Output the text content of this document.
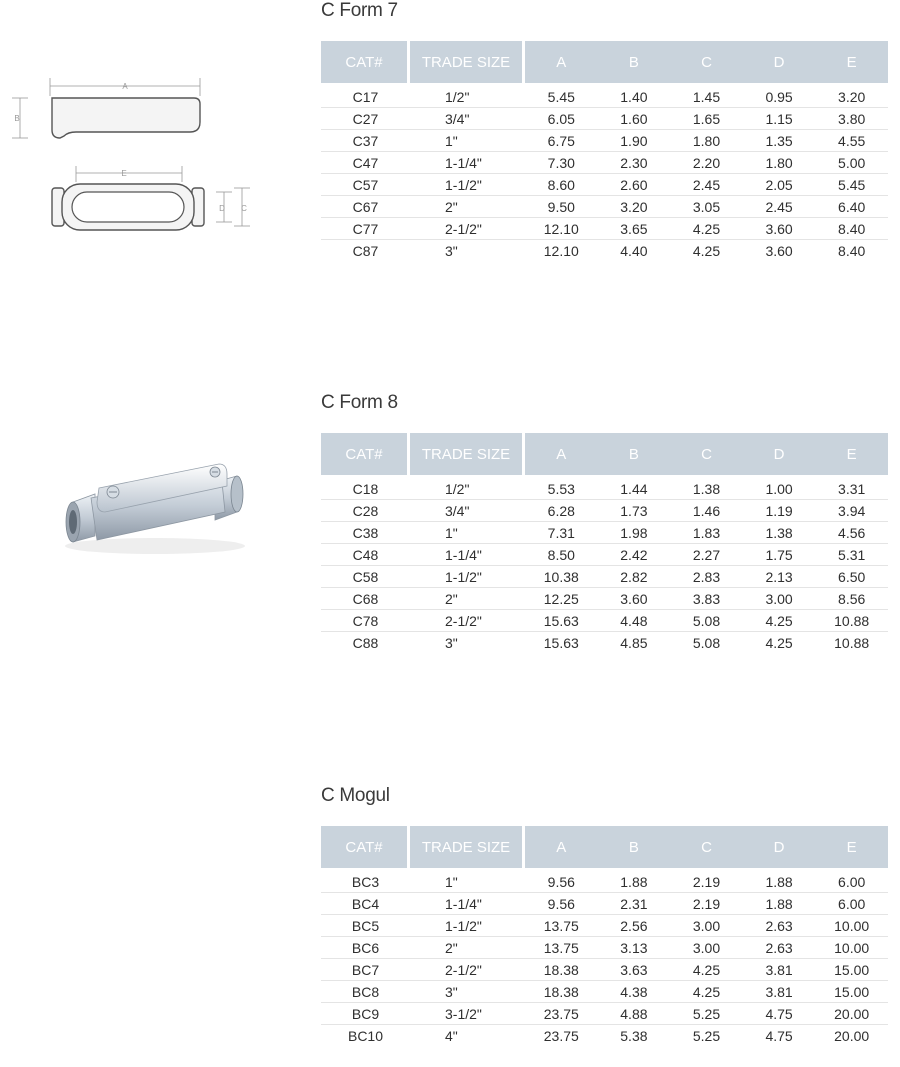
A
B
E
D C
C Form 7
CAT#	TRADE SIZE	A	B	C	D	E
C17	1/2"	5.45	1.40	1.45	0.95	3.20
C27	3/4"	6.05	1.60	1.65	1.15	3.80
C37	1"	6.75	1.90	1.80	1.35	4.55
C47	1-1/4"	7.30	2.30	2.20	1.80	5.00
C57	1-1/2"	8.60	2.60	2.45	2.05	5.45
C67	2"	9.50	3.20	3.05	2.45	6.40
C77	2-1/2"	12.10	3.65	4.25	3.60	8.40
C87	3"	12.10	4.40	4.25	3.60	8.40
C Form 8
CAT#	TRADE SIZE	A	B	C	D	E
C18	1/2"	5.53	1.44	1.38	1.00	3.31
C28	3/4"	6.28	1.73	1.46	1.19	3.94
C38	1"	7.31	1.98	1.83	1.38	4.56
C48	1-1/4"	8.50	2.42	2.27	1.75	5.31
C58	1-1/2"	10.38	2.82	2.83	2.13	6.50
C68	2"	12.25	3.60	3.83	3.00	8.56
C78	2-1/2"	15.63	4.48	5.08	4.25	10.88
C88	3"	15.63	4.85	5.08	4.25	10.88
C Mogul
CAT#	TRADE SIZE	A	B	C	D	E
BC3	1"	9.56	1.88	2.19	1.88	6.00
BC4	1-1/4"	9.56	2.31	2.19	1.88	6.00
BC5	1-1/2"	13.75	2.56	3.00	2.63	10.00
BC6	2"	13.75	3.13	3.00	2.63	10.00
BC7	2-1/2"	18.38	3.63	4.25	3.81	15.00
BC8	3"	18.38	4.38	4.25	3.81	15.00
BC9	3-1/2"	23.75	4.88	5.25	4.75	20.00
BC10	4"	23.75	5.38	5.25	4.75	20.00
